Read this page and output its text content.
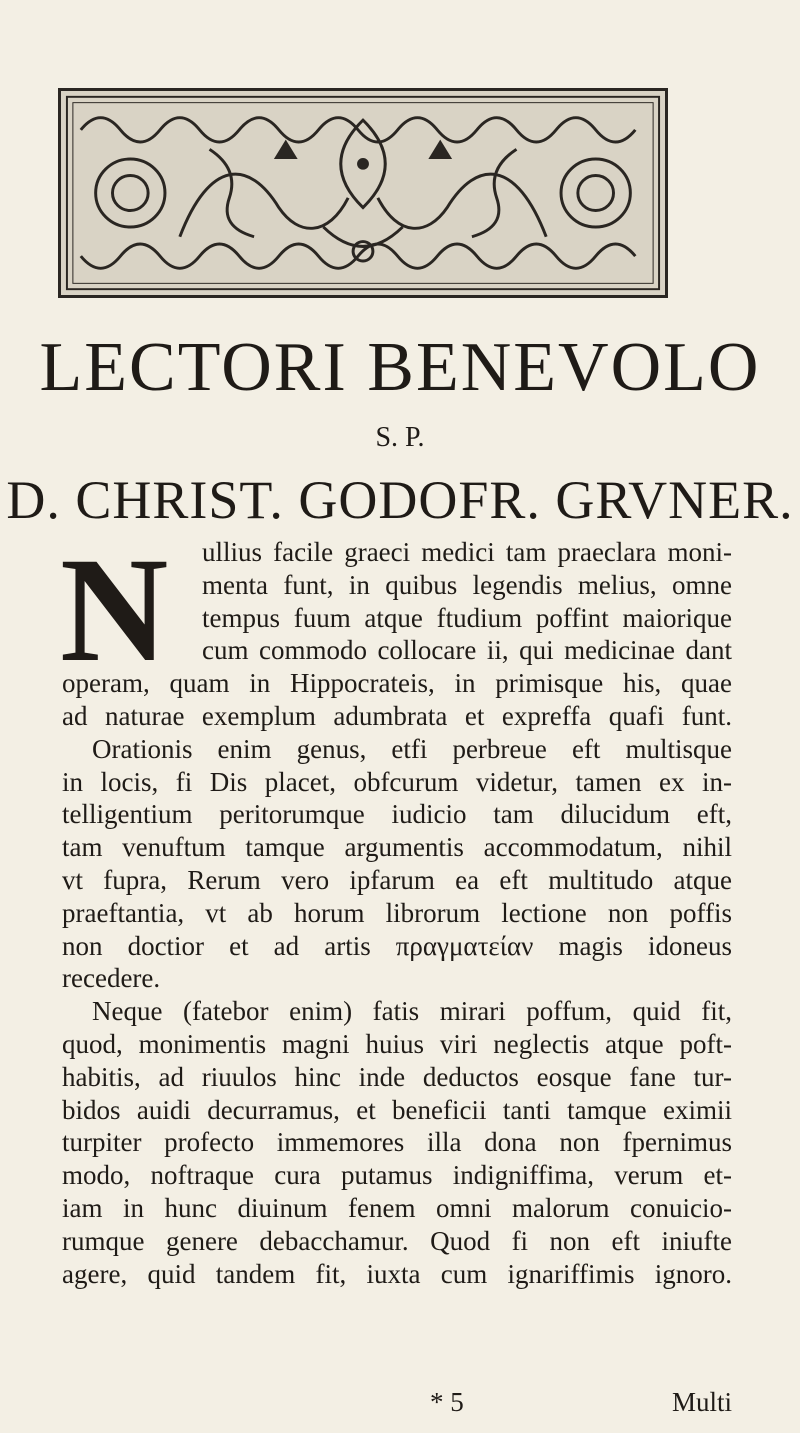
LECTORI BENEVOLO
S. P.
D. CHRIST. GODOFR. GRVNER.
N	ullius facile graeci medici tam praeclara moni-
menta funt, in quibus legendis melius, omne
tempus fuum atque ftudium poffint maiorique
cum commodo collocare ii, qui medicinae dant
operam, quam in Hippocrateis, in primisque his, quae
ad naturae exemplum adumbrata et expreffa quafi funt.
Orationis enim genus, etfi perbreue eft multisque
in locis, fi Dis placet, obfcurum videtur, tamen ex in-
telligentium peritorumque iudicio tam dilucidum eft,
tam venuftum tamque argumentis accommodatum, nihil
vt fupra, Rerum vero ipfarum ea eft multitudo atque
praeftantia, vt ab horum librorum lectione non poffis
non doctior et ad artis πραγματείαν magis idoneus
recedere.
Neque (fatebor enim) fatis mirari poffum, quid fit,
quod, monimentis magni huius viri neglectis atque poft-
habitis, ad riuulos hinc inde deductos eosque fane tur-
bidos auidi decurramus, et beneficii tanti tamque eximii
turpiter profecto immemores illa dona non fpernimus
modo, noftraque cura putamus indigniffima, verum et-
iam in hunc diuinum fenem omni malorum conuicio-
rumque genere debacchamur. Quod fi non eft iniufte
agere, quid tandem fit, iuxta cum ignariffimis ignoro.
* 5	Multi
